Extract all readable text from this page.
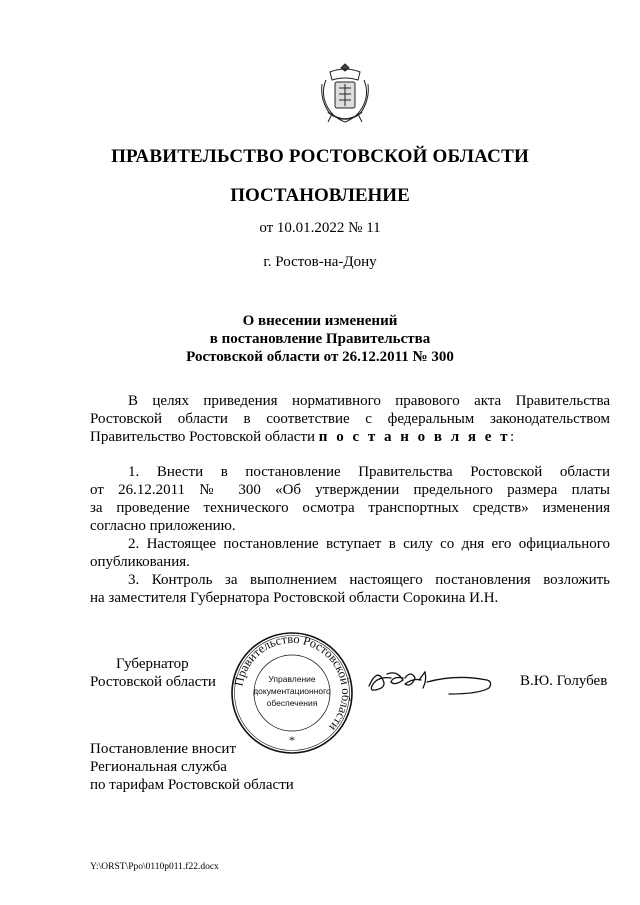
ПРАВИТЕЛЬСТВО РОСТОВСКОЙ ОБЛАСТИ
ПОСТАНОВЛЕНИЕ
от 10.01.2022 № 11
г. Ростов-на-Дону
О внесении изменений
в постановление Правительства
Ростовской области от 26.12.2011 № 300
В целях приведения нормативного правового акта Правительства
Ростовской области в соответствие с федеральным законодательством
Правительство Ростовской области п о с т а н о в л я е т:
1. Внести в постановление Правительства Ростовской области
от 26.12.2011 № 300 «Об утверждении предельного размера платы
за проведение технического осмотра транспортных средств» изменения
согласно приложению.
2. Настоящее постановление вступает в силу со дня его официального
опубликования.
3. Контроль за выполнением настоящего постановления возложить
на заместителя Губернатора Ростовской области Сорокина И.Н.
Губернатор
Ростовской области Правительство Ростовской области
Управление
документационного
обеспечения
*
В.Ю. Голубев
Постановление вносит
Региональная служба
по тарифам Ростовской области
Y:\ORST\Ppo\0110p011.f22.docx
